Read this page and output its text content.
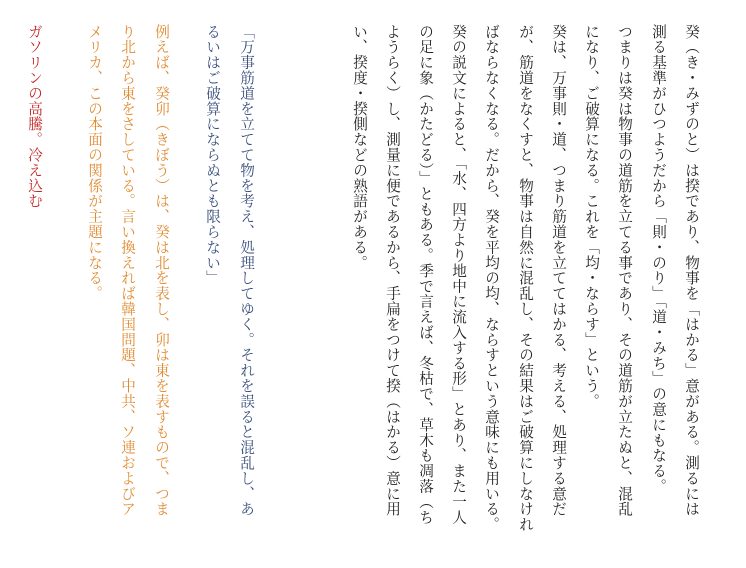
癸（き・みずのと）は揆であり、物事を「はかる」意がある。測るには
測る基準がひつようだから「則・のり」「道・みち」の意にもなる。
つまりは癸は物事の道筋を立てる事であり、その道筋が立たぬと、混乱
になり、ご破算になる。これを「均・ならす」という。
癸は、万事則・道、つまり筋道を立ててはかる、考える、処理する意だ
が、筋道をなくすと、物事は自然に混乱し、その結果はご破算にしなけれ
ばならなくなる。だから、癸を平均の均、ならすという意味にも用いる。
癸の説文によると、「水、四方より地中に流入する形」とあり、また一人
の足に象（かたどる）」ともある。季で言えば、冬枯で、草木も凋落（ち
ようらく）し、測量に便であるから、手扁をつけて揆（はかる）意に用
い、揆度・揆側などの熟語がある。
「万事筋道を立てて物を考え、処理してゆく。それを誤ると混乱し、あ
るいはご破算にならぬとも限らない」
例えば、癸卯（きぼう）は、癸は北を表し、卯は東を表すもので、つま
り北から東をさしている。言い換えれば韓国問題、中共、ソ連およびア
メリカ、この本面の関係が主題になる。
ガソリンの高騰。冷え込む
